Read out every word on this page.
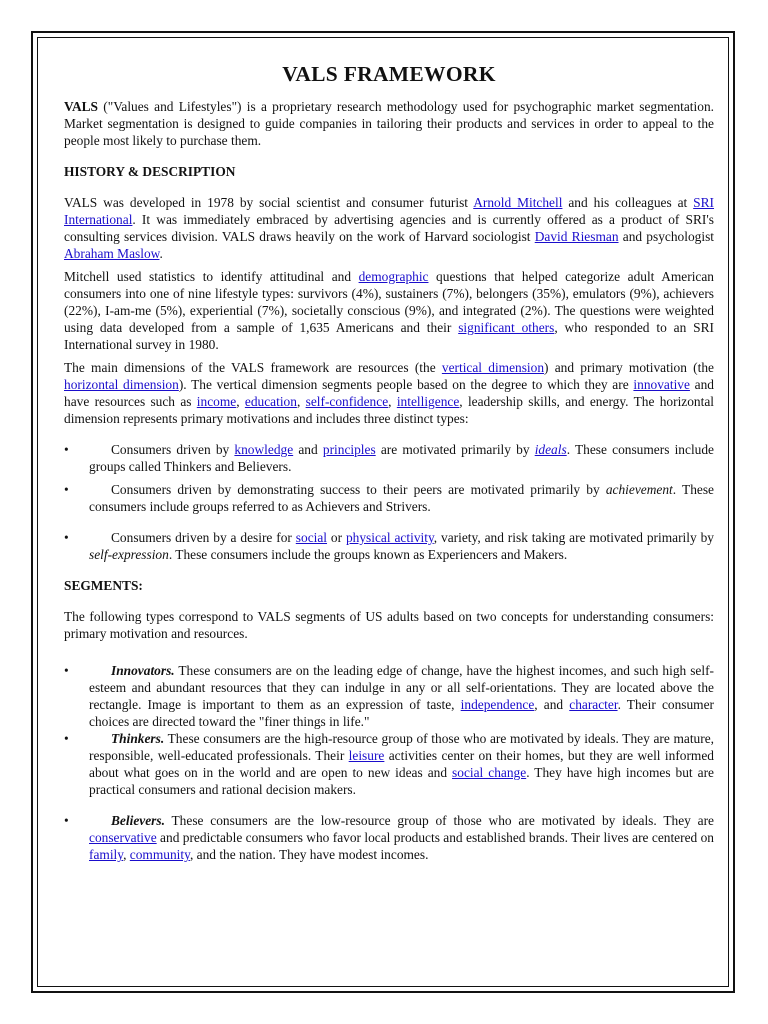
VALS FRAMEWORK

VALS ("Values and Lifestyles") is a proprietary research methodology used for psychographic market segmentation. Market segmentation is designed to guide companies in tailoring their products and services in order to appeal to the people most likely to purchase them.

HISTORY & DESCRIPTION

VALS was developed in 1978 by social scientist and consumer futurist Arnold Mitchell and his colleagues at SRI International. It was immediately embraced by advertising agencies and is currently offered as a product of SRI's consulting services division. VALS draws heavily on the work of Harvard sociologist David Riesman and psychologist Abraham Maslow.

Mitchell used statistics to identify attitudinal and demographic questions that helped categorize adult American consumers into one of nine lifestyle types: survivors (4%), sustainers (7%), belongers (35%), emulators (9%), achievers (22%), I-am-me (5%), experiential (7%), societally conscious (9%), and integrated (2%). The questions were weighted using data developed from a sample of 1,635 Americans and their significant others, who responded to an SRI International survey in 1980.

The main dimensions of the VALS framework are resources (the vertical dimension) and primary motivation (the horizontal dimension). The vertical dimension segments people based on the degree to which they are innovative and have resources such as income, education, self-confidence, intelligence, leadership skills, and energy. The horizontal dimension represents primary motivations and includes three distinct types:

•	Consumers driven by knowledge and principles are motivated primarily by ideals. These consumers include groups called Thinkers and Believers.
•	Consumers driven by demonstrating success to their peers are motivated primarily by achievement. These consumers include groups referred to as Achievers and Strivers.
•	Consumers driven by a desire for social or physical activity, variety, and risk taking are motivated primarily by self-expression. These consumers include the groups known as Experiencers and Makers.
SEGMENTS:

The following types correspond to VALS segments of US adults based on two concepts for understanding consumers: primary motivation and resources.

•	Innovators. These consumers are on the leading edge of change, have the highest incomes, and such high self-esteem and abundant resources that they can indulge in any or all self-orientations. They are located above the rectangle. Image is important to them as an expression of taste, independence, and character. Their consumer choices are directed toward the "finer things in life."
•	Thinkers. These consumers are the high-resource group of those who are motivated by ideals. They are mature, responsible, well-educated professionals. Their leisure activities center on their homes, but they are well informed about what goes on in the world and are open to new ideas and social change. They have high incomes but are practical consumers and rational decision makers.
•	Believers. These consumers are the low-resource group of those who are motivated by ideals. They are conservative and predictable consumers who favor local products and established brands. Their lives are centered on family, community, and the nation. They have modest incomes.
